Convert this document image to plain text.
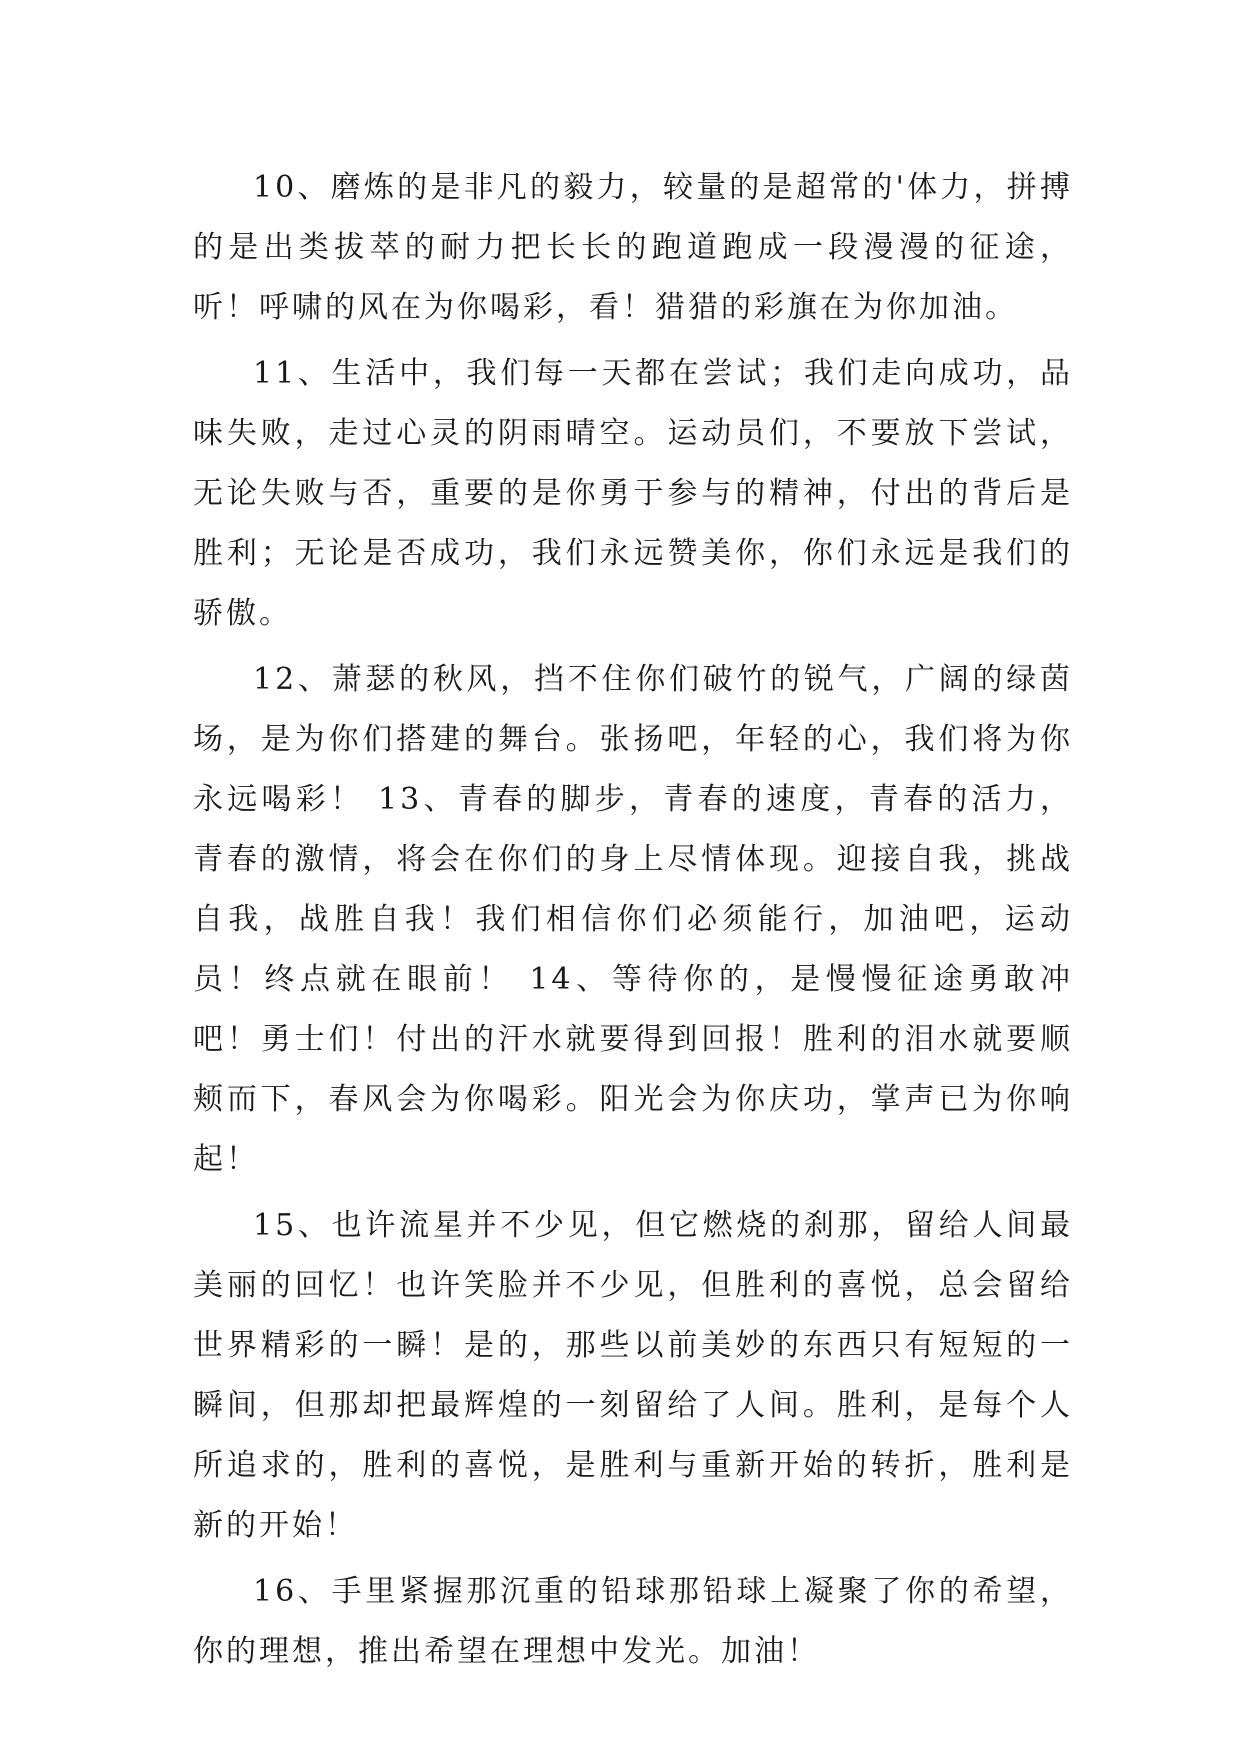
10、磨炼的是非凡的毅力，较量的是超常的'体力，拼搏的是出类拔萃的耐力把长长的跑道跑成一段漫漫的征途，听！呼啸的风在为你喝彩，看！猎猎的彩旗在为你加油。

11、生活中，我们每一天都在尝试；我们走向成功，品味失败，走过心灵的阴雨晴空。运动员们，不要放下尝试，无论失败与否，重要的是你勇于参与的精神，付出的背后是胜利；无论是否成功，我们永远赞美你，你们永远是我们的骄傲。

12、萧瑟的秋风，挡不住你们破竹的锐气，广阔的绿茵场，是为你们搭建的舞台。张扬吧，年轻的心，我们将为你永远喝彩！ 13、青春的脚步，青春的速度，青春的活力，青春的激情，将会在你们的身上尽情体现。迎接自我，挑战自我，战胜自我！我们相信你们必须能行，加油吧，运动员！终点就在眼前！ 14、等待你的，是慢慢征途勇敢冲吧！勇士们！付出的汗水就要得到回报！胜利的泪水就要顺颊而下，春风会为你喝彩。阳光会为你庆功，掌声已为你响起！

15、也许流星并不少见，但它燃烧的刹那，留给人间最美丽的回忆！也许笑脸并不少见，但胜利的喜悦，总会留给世界精彩的一瞬！是的，那些以前美妙的东西只有短短的一瞬间，但那却把最辉煌的一刻留给了人间。胜利，是每个人所追求的，胜利的喜悦，是胜利与重新开始的转折，胜利是新的开始！

16、手里紧握那沉重的铅球那铅球上凝聚了你的希望，你的理想，推出希望在理想中发光。加油！
